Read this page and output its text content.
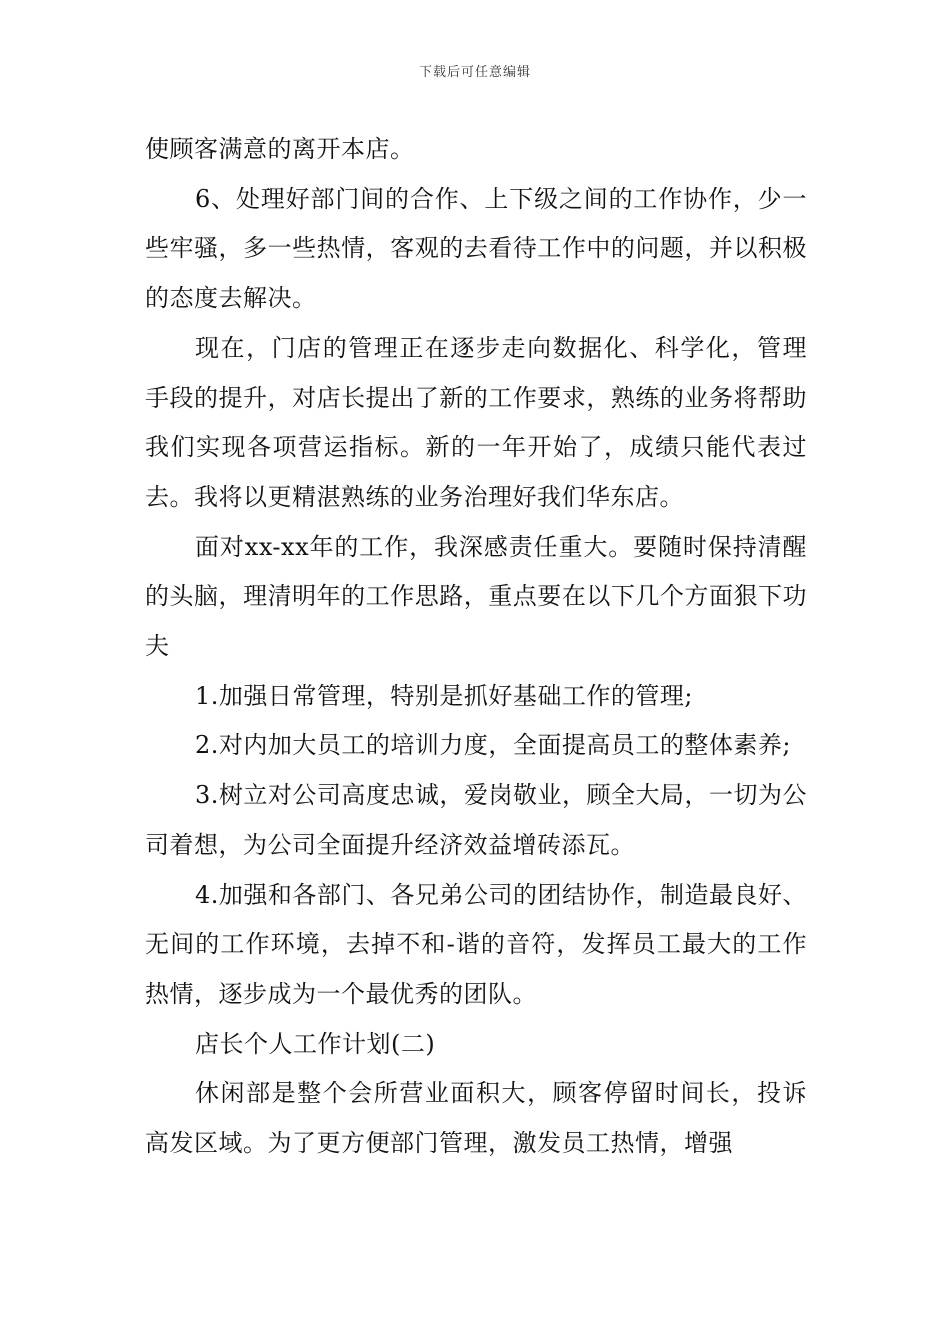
下载后可任意编辑

使顾客满意的离开本店。

6、处理好部门间的合作、上下级之间的工作协作，少一些牢骚，多一些热情，客观的去看待工作中的问题，并以积极的态度去解决。

现在，门店的管理正在逐步走向数据化、科学化，管理手段的提升，对店长提出了新的工作要求，熟练的业务将帮助我们实现各项营运指标。新的一年开始了，成绩只能代表过去。我将以更精湛熟练的业务治理好我们华东店。

面对xx-xx年的工作，我深感责任重大。要随时保持清醒的头脑，理清明年的工作思路，重点要在以下几个方面狠下功夫

1.加强日常管理，特别是抓好基础工作的管理;

2.对内加大员工的培训力度，全面提高员工的整体素养;

3.树立对公司高度忠诚，爱岗敬业，顾全大局，一切为公司着想，为公司全面提升经济效益增砖添瓦。

4.加强和各部门、各兄弟公司的团结协作，制造最良好、无间的工作环境，去掉不和-谐的音符，发挥员工最大的工作热情，逐步成为一个最优秀的团队。

店长个人工作计划(二)

休闲部是整个会所营业面积大，顾客停留时间长，投诉高发区域。为了更方便部门管理，激发员工热情，增强
